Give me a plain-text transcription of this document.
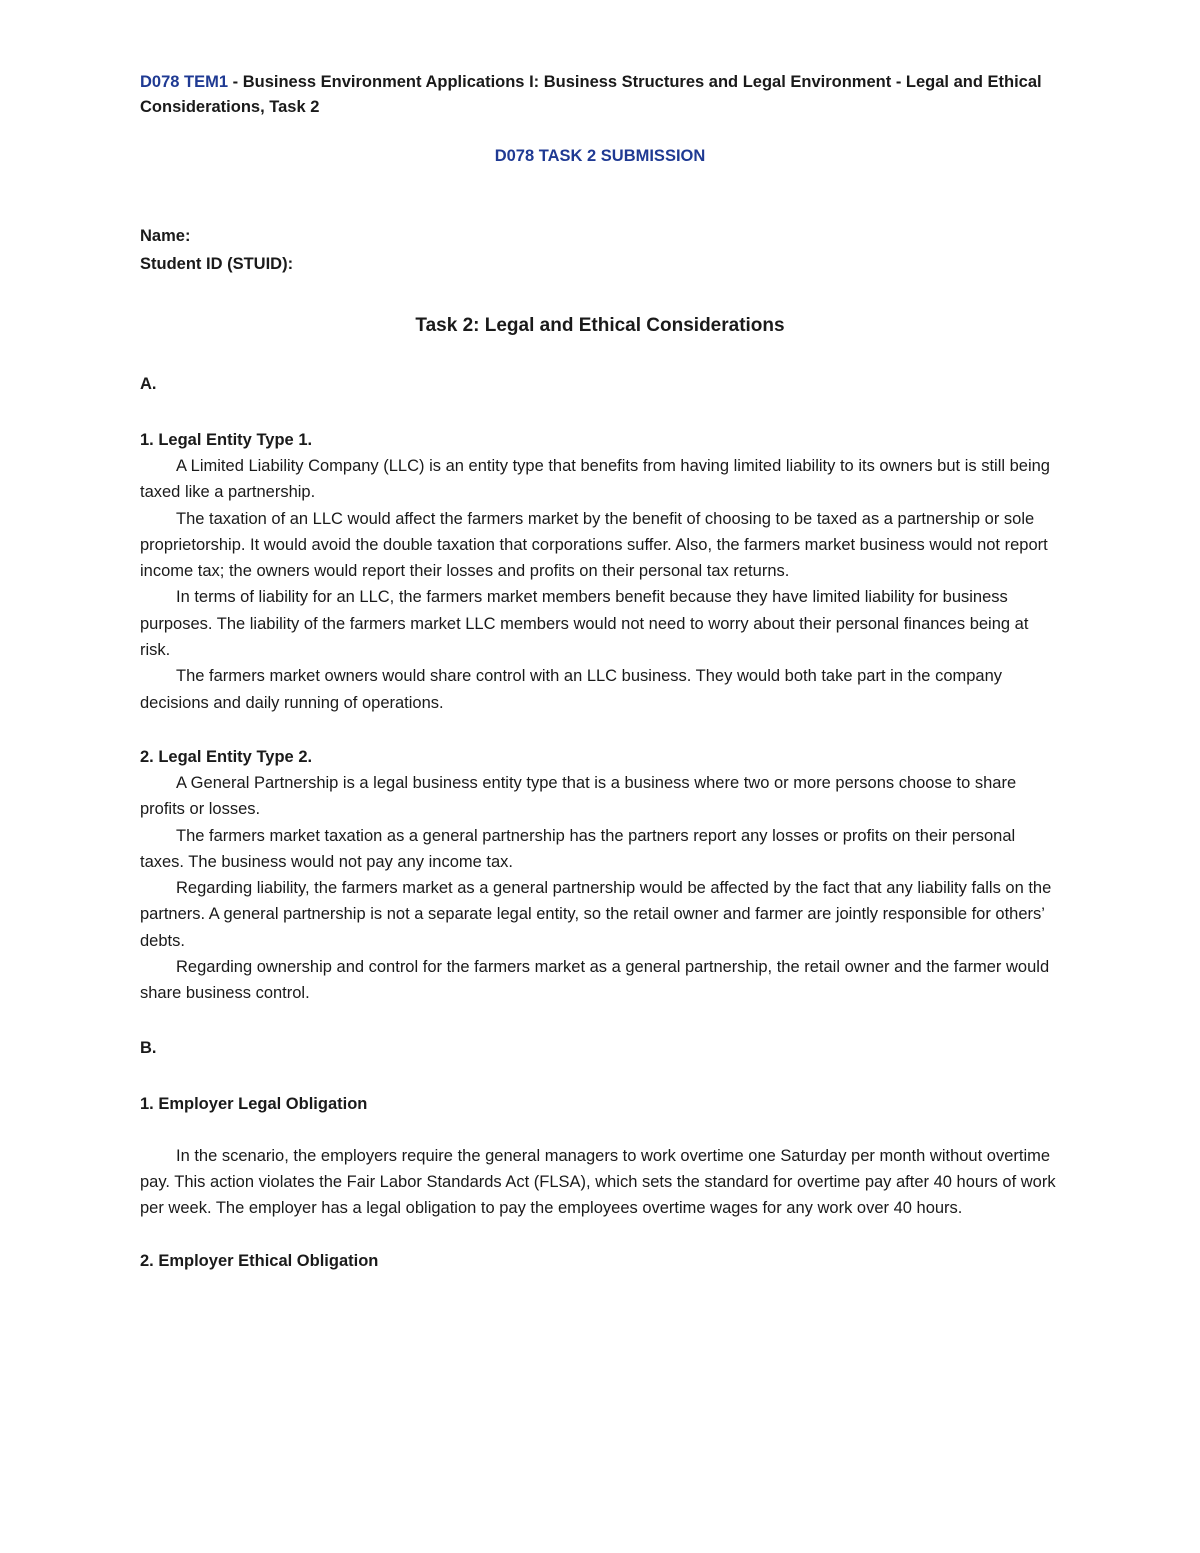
D078 TEM1 - Business Environment Applications I: Business Structures and Legal Environment - Legal and Ethical

Considerations, Task 2

D078 TASK 2 SUBMISSION
Name:
Student ID (STUID):
Task 2: Legal and Ethical Considerations
A.
1. Legal Entity Type 1.

A Limited Liability Company (LLC) is an entity type that benefits from having limited liability to its owners but is still being taxed like a partnership.

The taxation of an LLC would affect the farmers market by the benefit of choosing to be taxed as a partnership or sole proprietorship. It would avoid the double taxation that corporations suffer. Also, the farmers market business would not report income tax; the owners would report their losses and profits on their personal tax returns.

In terms of liability for an LLC, the farmers market members benefit because they have limited liability for business purposes. The liability of the farmers market LLC members would not need to worry about their personal finances being at risk.

The farmers market owners would share control with an LLC business. They would both take part in the company decisions and daily running of operations.

2. Legal Entity Type 2.

A General Partnership is a legal business entity type that is a business where two or more persons choose to share profits or losses.

The farmers market taxation as a general partnership has the partners report any losses or profits on their personal taxes. The business would not pay any income tax.

Regarding liability, the farmers market as a general partnership would be affected by the fact that any liability falls on the partners. A general partnership is not a separate legal entity, so the retail owner and farmer are jointly responsible for others’ debts.

Regarding ownership and control for the farmers market as a general partnership, the retail owner and the farmer would share business control.

B.
1. Employer Legal Obligation

In the scenario, the employers require the general managers to work overtime one Saturday per month without overtime pay. This action violates the Fair Labor Standards Act (FLSA), which sets the standard for overtime pay after 40 hours of work per week. The employer has a legal obligation to pay the employees overtime wages for any work over 40 hours.

2. Employer Ethical Obligation
